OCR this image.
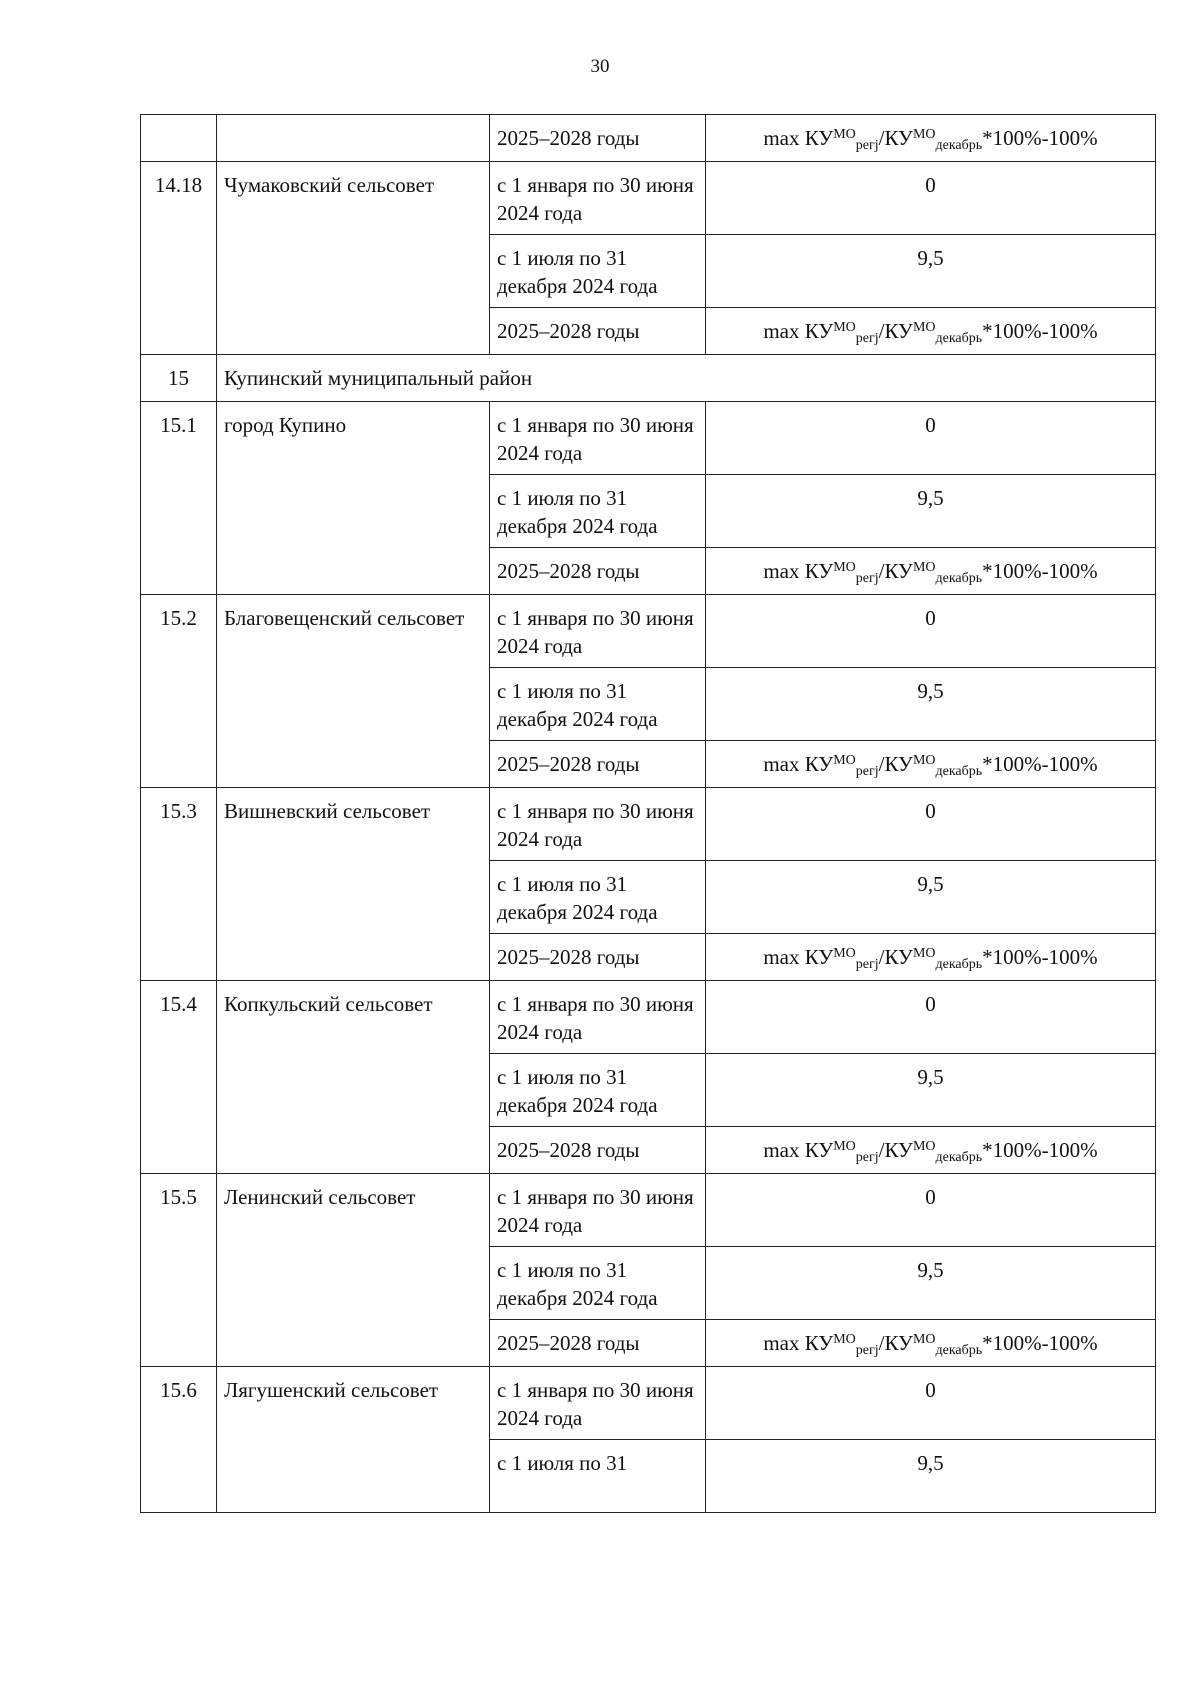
30
		2025–2028 годы	$\max КУ^{МО}_{регj}/КУ^{МО}_{декабрь}*100\%-100\%$
14.18	Чумаковский сельсовет	с 1 января по 30 июня 2024 года	0
		с 1 июля по 31 декабря 2024 года	9,5
		2025–2028 годы	$\max КУ^{МО}_{регj}/КУ^{МО}_{декабрь}*100\%-100\%$
15	Купинский муниципальный район		
15.1	город Купино	с 1 января по 30 июня 2024 года	0
		с 1 июля по 31 декабря 2024 года	9,5
		2025–2028 годы	$\max КУ^{МО}_{регj}/КУ^{МО}_{декабрь}*100\%-100\%$
15.2	Благовещенский сельсовет	с 1 января по 30 июня 2024 года	0
		с 1 июля по 31 декабря 2024 года	9,5
		2025–2028 годы	$\max КУ^{МО}_{регj}/КУ^{МО}_{декабрь}*100\%-100\%$
15.3	Вишневский сельсовет	с 1 января по 30 июня 2024 года	0
		с 1 июля по 31 декабря 2024 года	9,5
		2025–2028 годы	$\max КУ^{МО}_{регj}/КУ^{МО}_{декабрь}*100\%-100\%$
15.4	Копкульский сельсовет	с 1 января по 30 июня 2024 года	0
		с 1 июля по 31 декабря 2024 года	9,5
		2025–2028 годы	$\max КУ^{МО}_{регj}/КУ^{МО}_{декабрь}*100\%-100\%$
15.5	Ленинский сельсовет	с 1 января по 30 июня 2024 года	0
		с 1 июля по 31 декабря 2024 года	9,5
		2025–2028 годы	$\max КУ^{МО}_{регj}/КУ^{МО}_{декабрь}*100\%-100\%$
15.6	Лягушенский сельсовет	с 1 января по 30 июня 2024 года	0
		с 1 июля по 31	9,5
